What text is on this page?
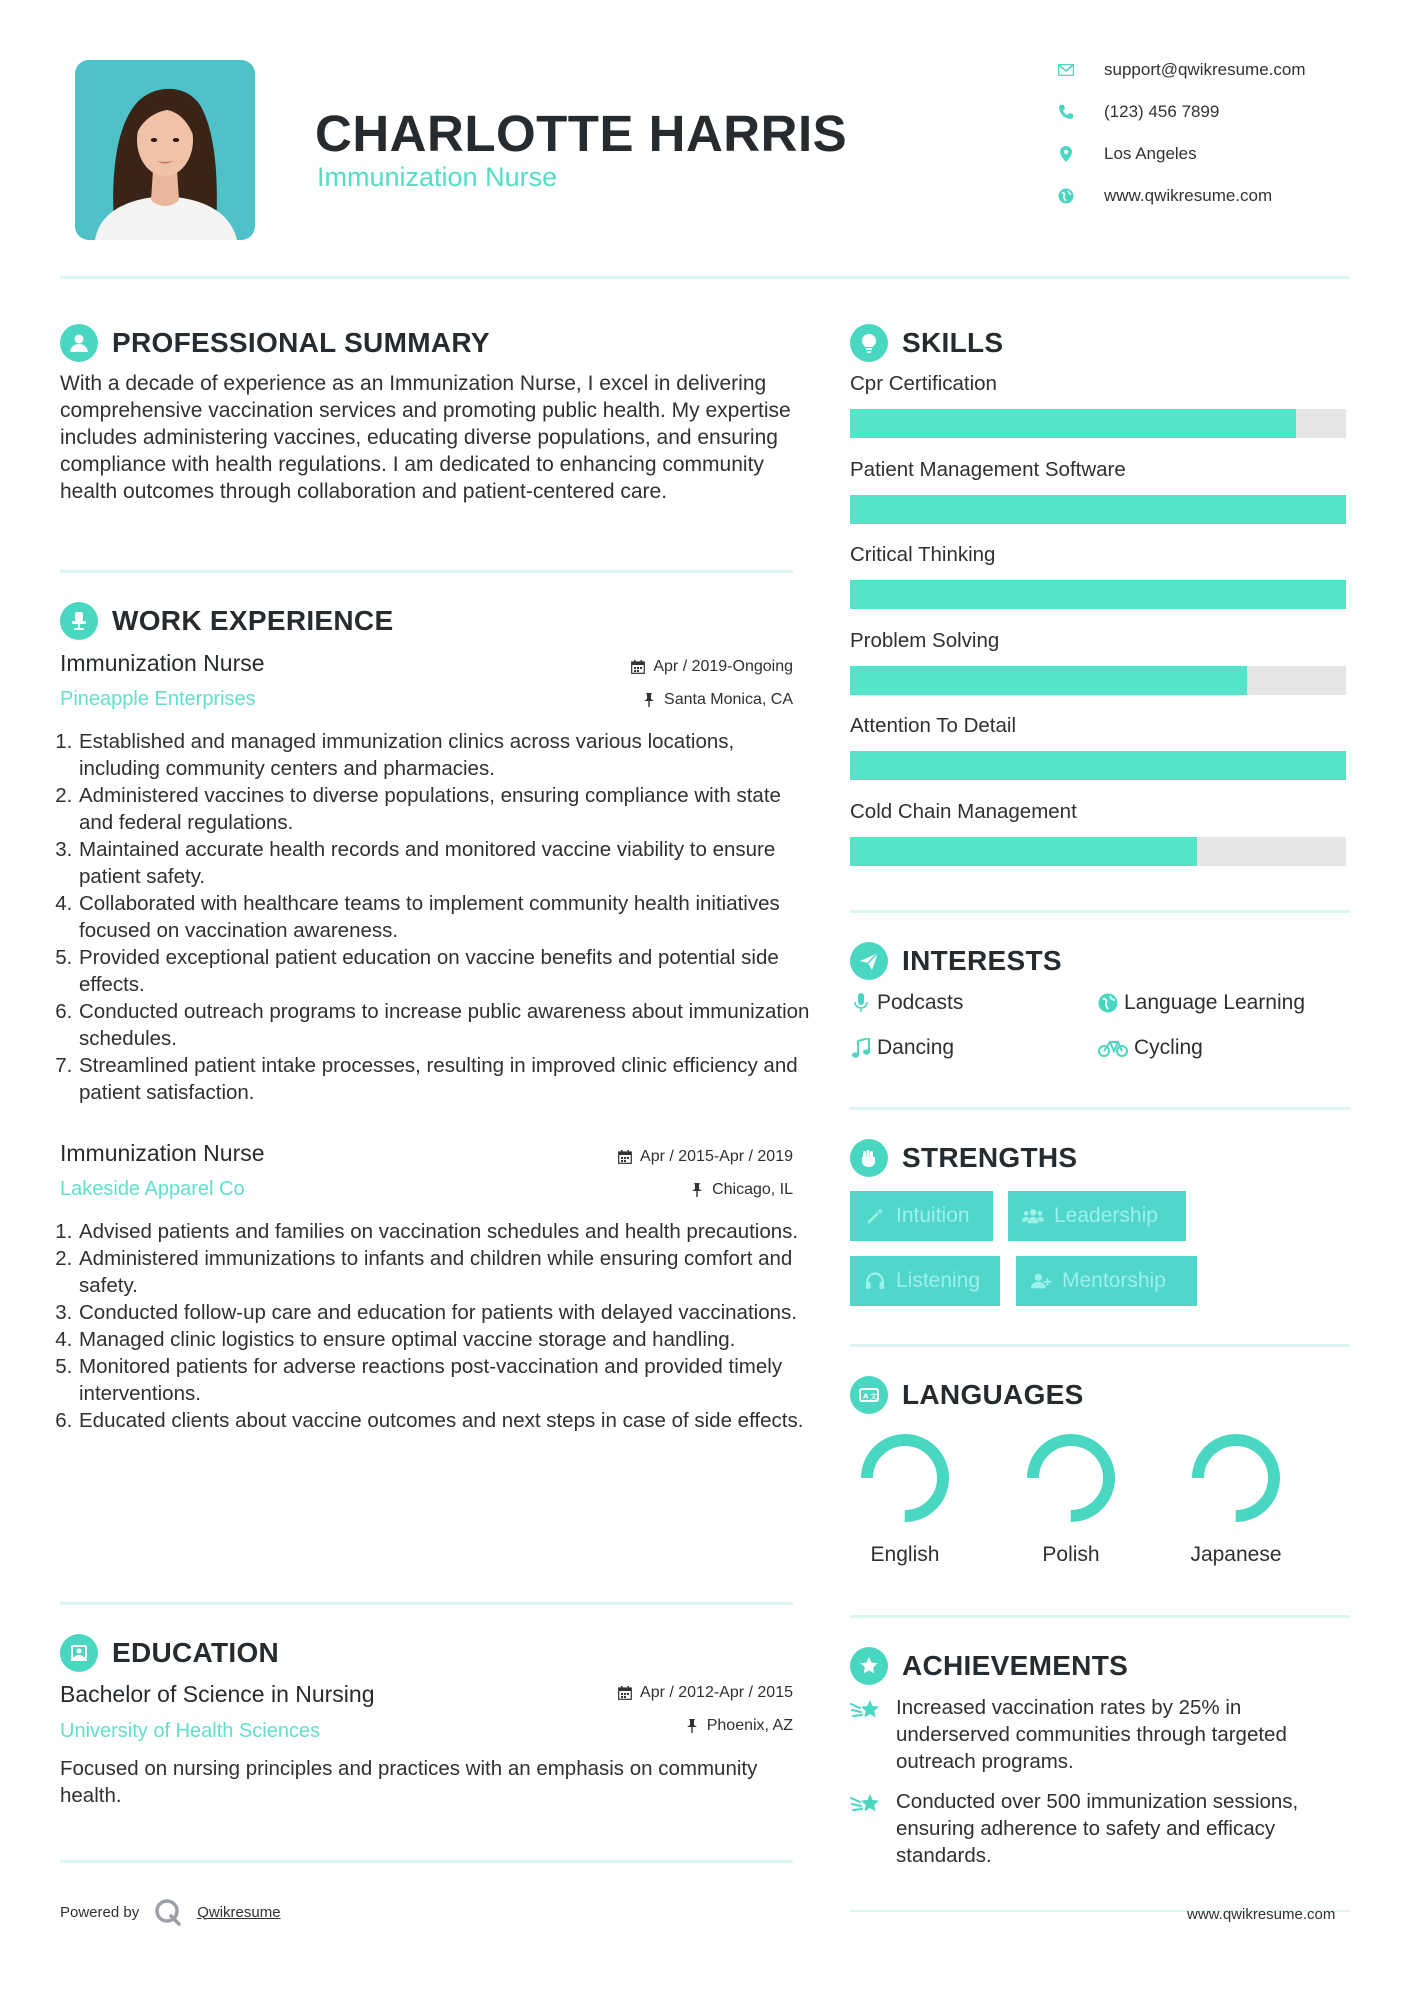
CHARLOTTE HARRIS
Immunization Nurse
support@qwikresume.com
(123) 456 7899
Los Angeles
www.qwikresume.com
PROFESSIONAL SUMMARY
With a decade of experience as an Immunization Nurse, I excel in delivering comprehensive vaccination services and promoting public health. My expertise includes administering vaccines, educating diverse populations, and ensuring compliance with health regulations. I am dedicated to enhancing community health outcomes through collaboration and patient-centered care.
WORK EXPERIENCE
Immunization Nurse
Pineapple Enterprises
Apr / 2019-Ongoing
Santa Monica, CA
1. Established and managed immunization clinics across various locations, including community centers and pharmacies.
2. Administered vaccines to diverse populations, ensuring compliance with state and federal regulations.
3. Maintained accurate health records and monitored vaccine viability to ensure patient safety.
4. Collaborated with healthcare teams to implement community health initiatives focused on vaccination awareness.
5. Provided exceptional patient education on vaccine benefits and potential side effects.
6. Conducted outreach programs to increase public awareness about immunization schedules.
7. Streamlined patient intake processes, resulting in improved clinic efficiency and patient satisfaction.
Immunization Nurse
Lakeside Apparel Co
Apr / 2015-Apr / 2019
Chicago, IL
1. Advised patients and families on vaccination schedules and health precautions.
2. Administered immunizations to infants and children while ensuring comfort and safety.
3. Conducted follow-up care and education for patients with delayed vaccinations.
4. Managed clinic logistics to ensure optimal vaccine storage and handling.
5. Monitored patients for adverse reactions post-vaccination and provided timely interventions.
6. Educated clients about vaccine outcomes and next steps in case of side effects.
EDUCATION
Bachelor of Science in Nursing
University of Health Sciences
Apr / 2012-Apr / 2015
Phoenix, AZ
Focused on nursing principles and practices with an emphasis on community health.
SKILLS
Cpr Certification
Patient Management Software
Critical Thinking
Problem Solving
Attention To Detail
Cold Chain Management
INTERESTS
Podcasts	Language Learning
Dancing	Cycling
STRENGTHS
Intuition	Leadership
Listening	Mentorship
A 文 LANGUAGES
English	Polish	Japanese
ACHIEVEMENTS
Increased vaccination rates by 25% in underserved communities through targeted outreach programs.
Conducted over 500 immunization sessions, ensuring adherence to safety and efficacy standards.
Powered by	Qwikresume	www.qwikresume.com
